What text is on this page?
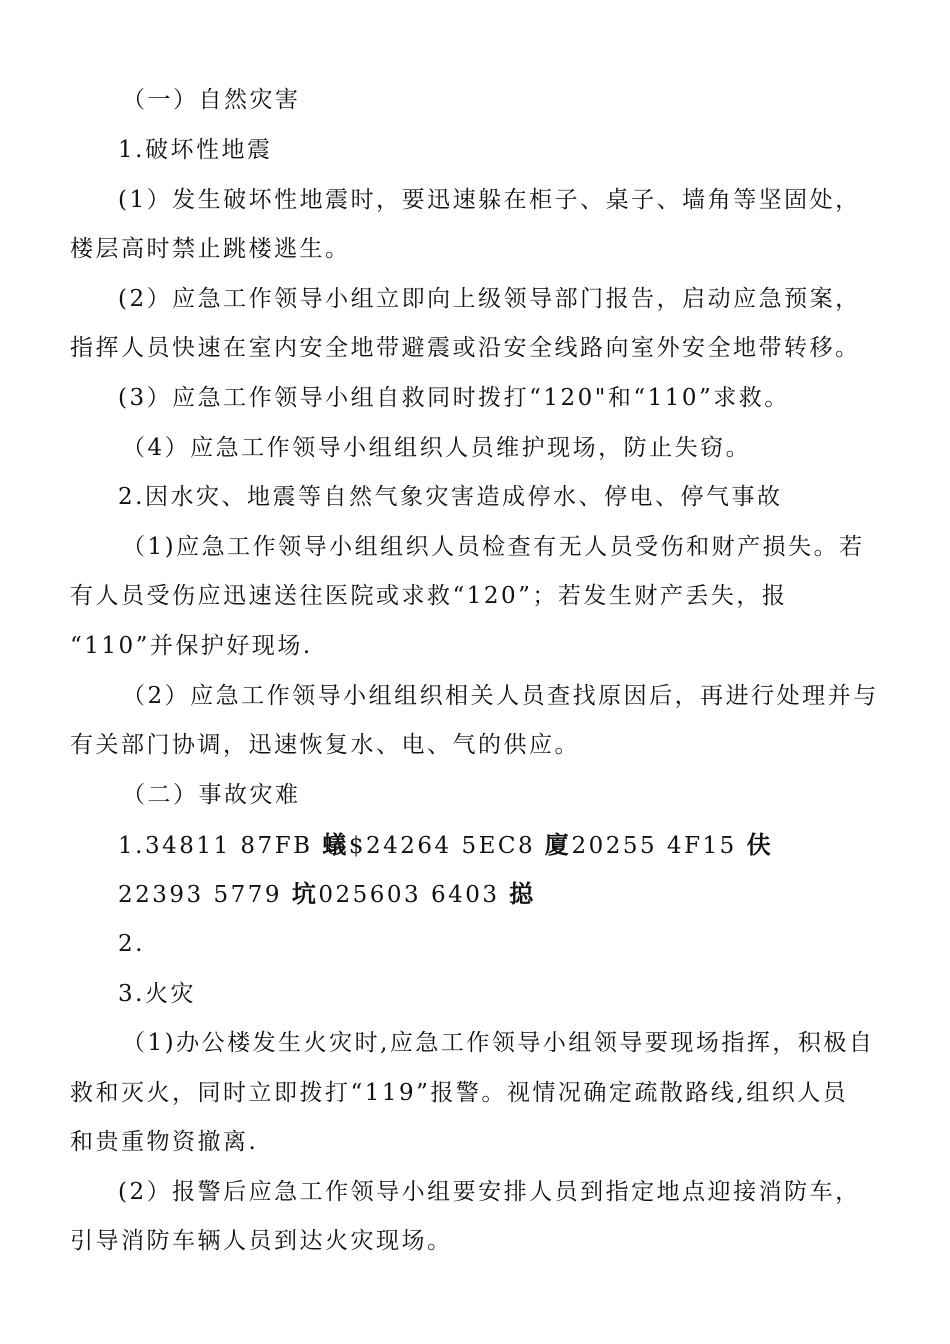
（一）自然灾害
1.破坏性地震
(1）发生破坏性地震时，要迅速躲在柜子、桌子、墙角等坚固处，
楼层高时禁止跳楼逃生。
(2）应急工作领导小组立即向上级领导部门报告，启动应急预案，
指挥人员快速在室内安全地带避震或沿安全线路向室外安全地带转移。
(3）应急工作领导小组自救同时拨打“120"和“110”求救。
（4）应急工作领导小组组织人员维护现场，防止失窃。
2.因水灾、地震等自然气象灾害造成停水、停电、停气事故
（1)应急工作领导小组组织人员检查有无人员受伤和财产损失。若
有人员受伤应迅速送往医院或求救“120”；若发生财产丢失，报
“110”并保护好现场.
（2）应急工作领导小组组织相关人员查找原因后，再进行处理并与
有关部门协调，迅速恢复水、电、气的供应。
（二）事故灾难
1.34811 87FB 蟻$24264 5EC8 廈20255 4F15 伕
22393 5779 坑025603 6403 搃
2.
3.火灾
（1)办公楼发生火灾时,应急工作领导小组领导要现场指挥，积极自
救和灭火，同时立即拨打“119”报警。视情况确定疏散路线,组织人员
和贵重物资撤离.
(2）报警后应急工作领导小组要安排人员到指定地点迎接消防车，
引导消防车辆人员到达火灾现场。
